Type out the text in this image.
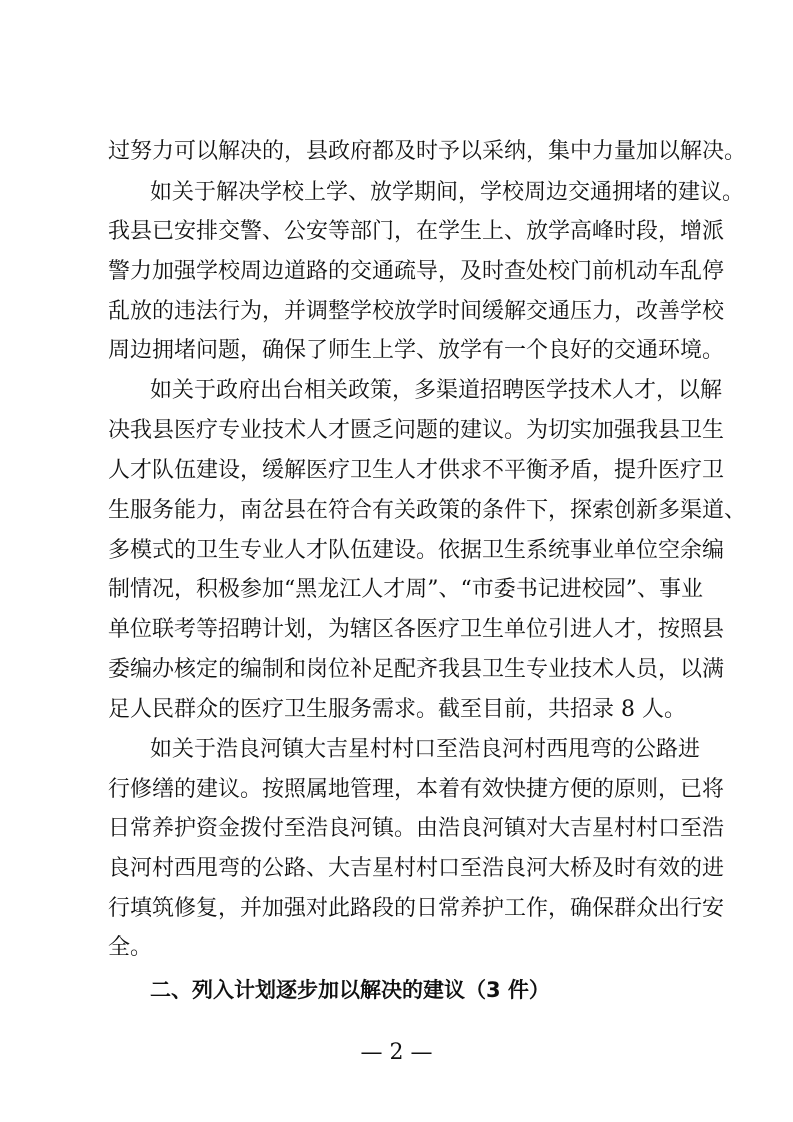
过努力可以解决的，县政府都及时予以采纳，集中力量加以解决。
如关于解决学校上学、放学期间，学校周边交通拥堵的建议。
我县已安排交警、公安等部门，在学生上、放学高峰时段，增派
警力加强学校周边道路的交通疏导，及时查处校门前机动车乱停
乱放的违法行为，并调整学校放学时间缓解交通压力，改善学校
周边拥堵问题，确保了师生上学、放学有一个良好的交通环境。
如关于政府出台相关政策，多渠道招聘医学技术人才，以解
决我县医疗专业技术人才匮乏问题的建议。为切实加强我县卫生
人才队伍建设，缓解医疗卫生人才供求不平衡矛盾，提升医疗卫
生服务能力，南岔县在符合有关政策的条件下，探索创新多渠道、
多模式的卫生专业人才队伍建设。依据卫生系统事业单位空余编
制情况，积极参加“黑龙江人才周”、“市委书记进校园”、事业
单位联考等招聘计划，为辖区各医疗卫生单位引进人才，按照县
委编办核定的编制和岗位补足配齐我县卫生专业技术人员，以满
足人民群众的医疗卫生服务需求。截至目前，共招录 8 人。
如关于浩良河镇大吉星村村口至浩良河村西甩弯的公路进
行修缮的建议。按照属地管理，本着有效快捷方便的原则，已将
日常养护资金拨付至浩良河镇。由浩良河镇对大吉星村村口至浩
良河村西甩弯的公路、大吉星村村口至浩良河大桥及时有效的进
行填筑修复，并加强对此路段的日常养护工作，确保群众出行安
全。
二、列入计划逐步加以解决的建议（3 件）
— 2 —
